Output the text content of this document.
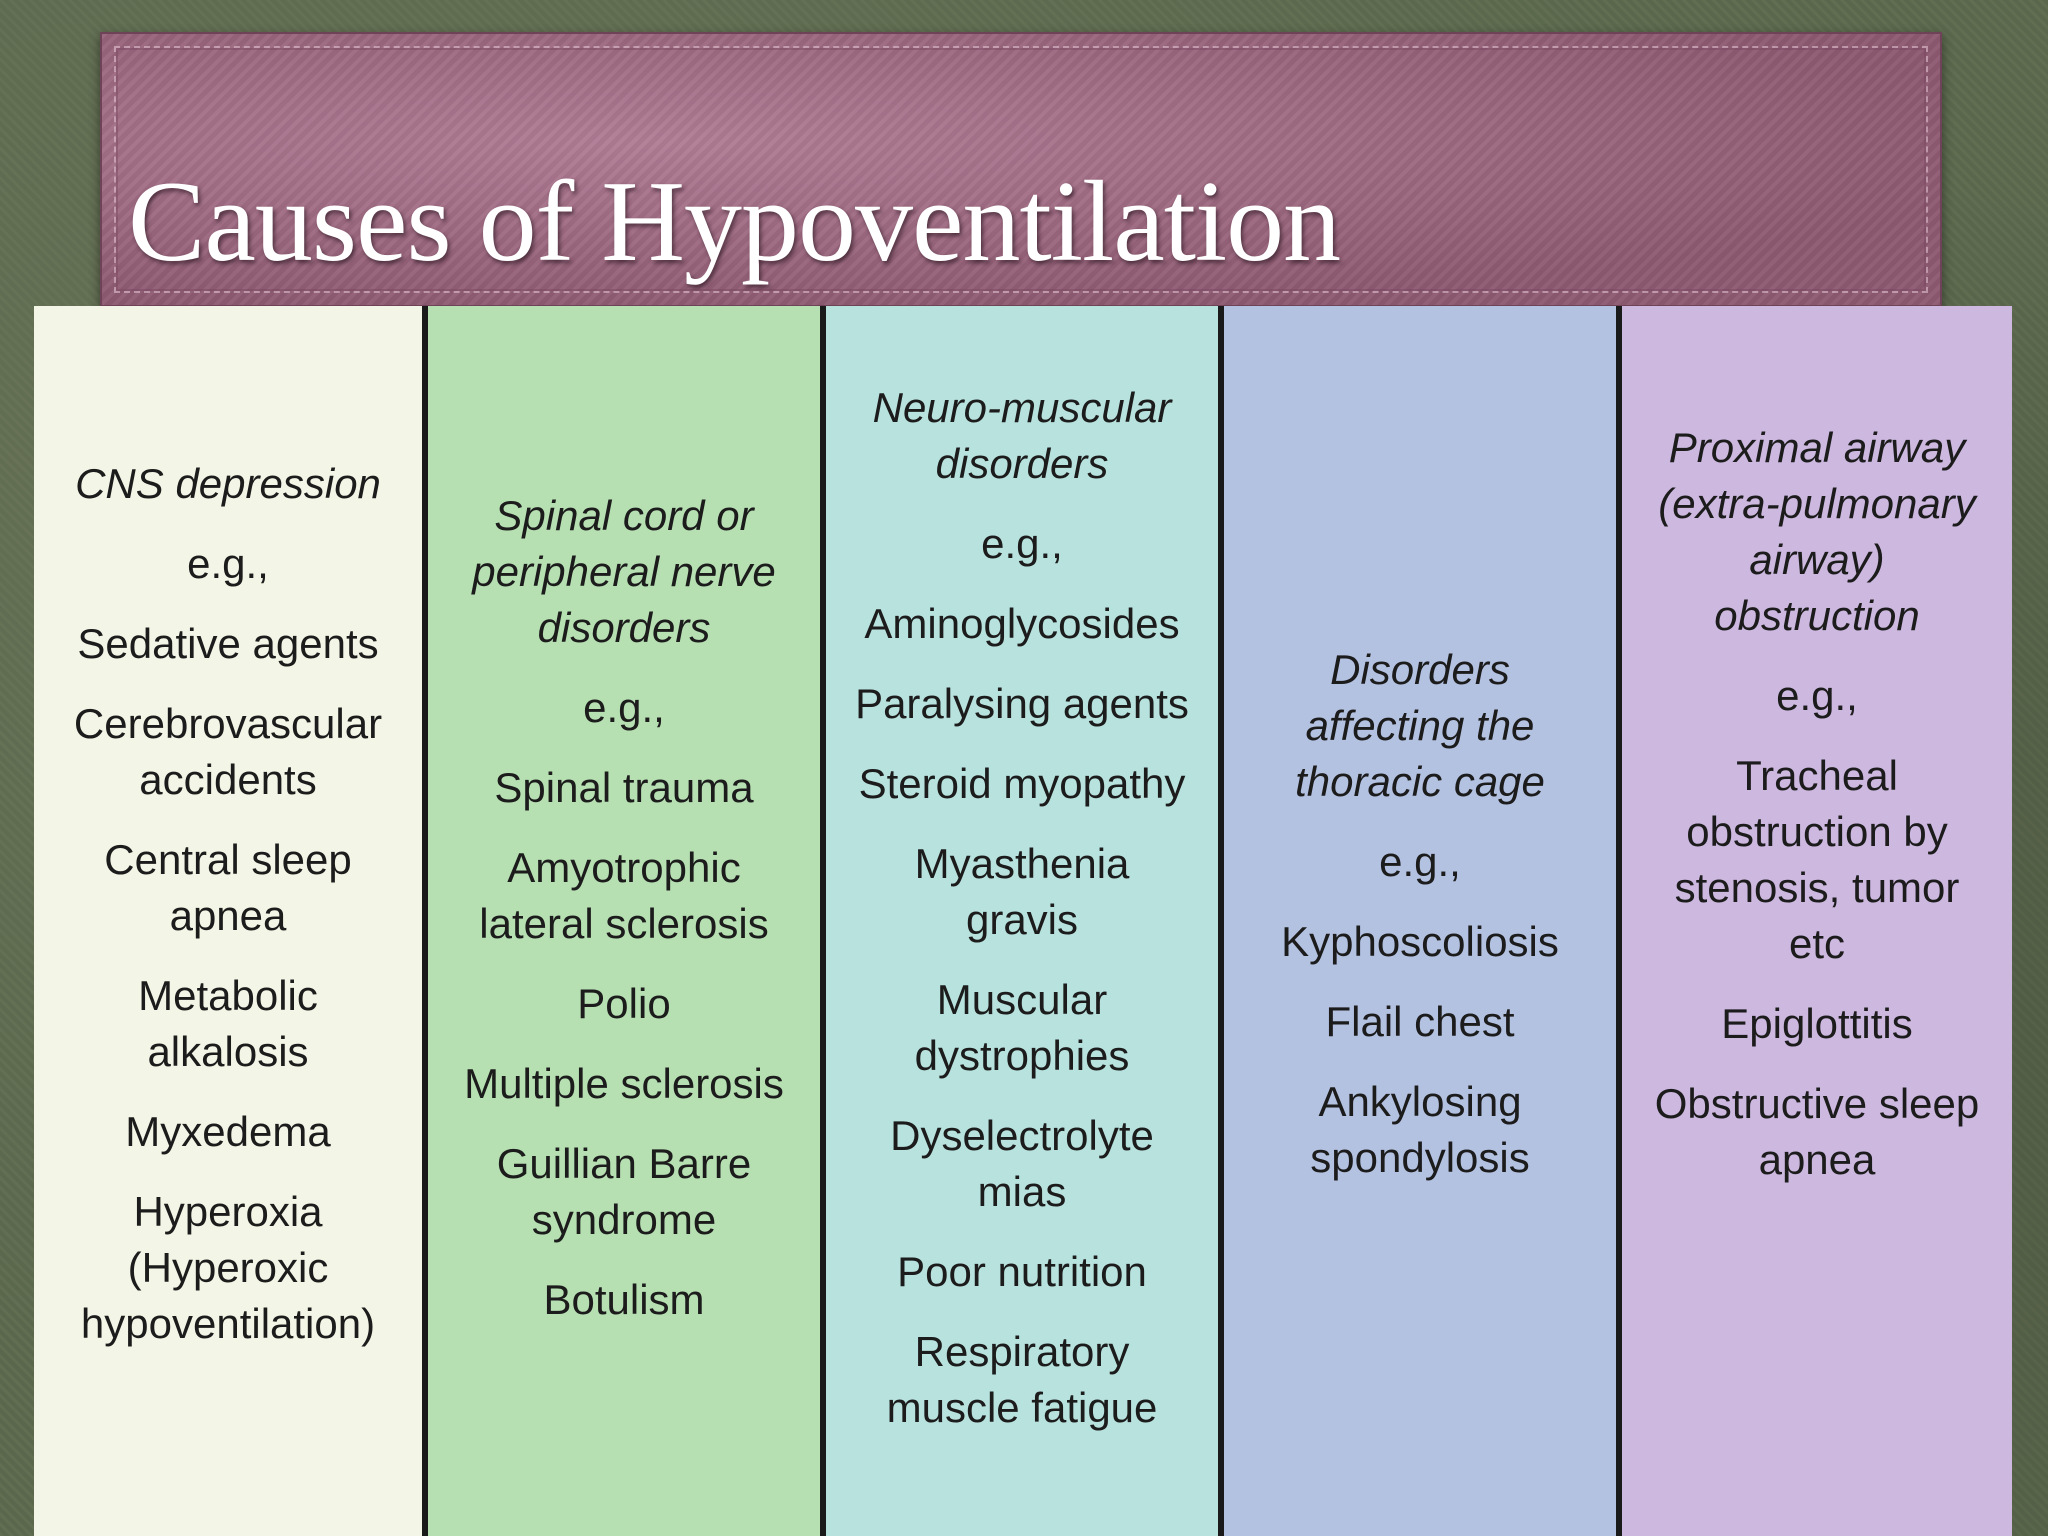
Causes of Hypoventilation
CNS depression
e.g.,
Sedative agents
Cerebrovascular accidents
Central sleep apnea
Metabolic alkalosis
Myxedema
Hyperoxia (Hyperoxic hypoventilation)
Spinal cord or peripheral nerve disorders
e.g.,
Spinal trauma
Amyotrophic lateral sclerosis
Polio
Multiple sclerosis
Guillian Barre syndrome
Botulism
Neuro-muscular disorders
e.g.,
Aminoglycosides
Paralysing agents
Steroid myopathy
Myasthenia gravis
Muscular dystrophies
Dyselectrolyte mias
Poor nutrition
Respiratory muscle fatigue
Disorders affecting the thoracic cage
e.g.,
Kyphoscoliosis
Flail chest
Ankylosing spondylosis
Proximal airway (extra-pulmonary airway) obstruction
e.g.,
Tracheal obstruction by stenosis, tumor etc
Epiglottitis
Obstructive sleep apnea
